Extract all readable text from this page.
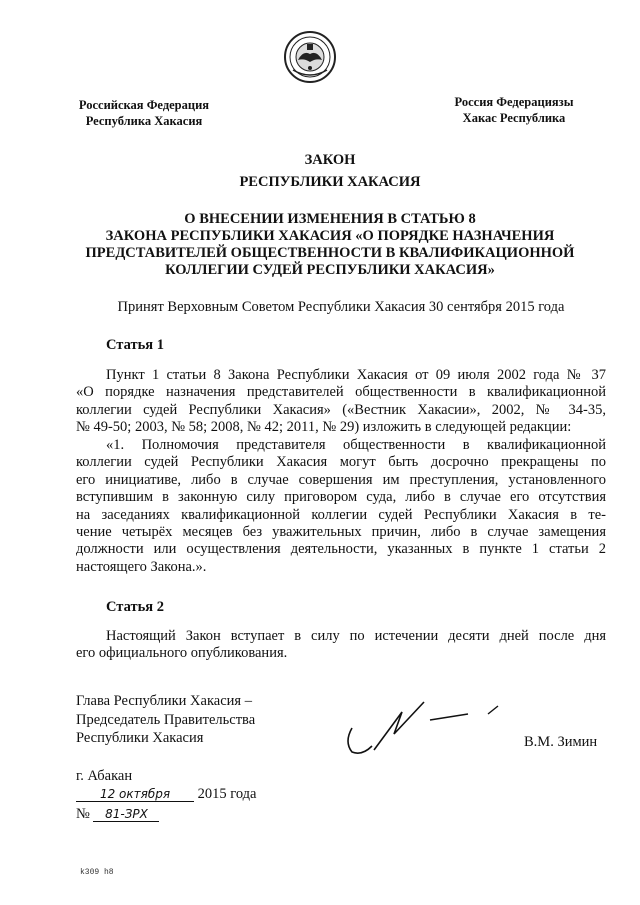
Российская Федерация
Республика Хакасия
Россия Федерациязы
Хакас Республика
ЗАКОН
РЕСПУБЛИКИ ХАКАСИЯ
О ВНЕСЕНИИ ИЗМЕНЕНИЯ В СТАТЬЮ 8
ЗАКОНА РЕСПУБЛИКИ ХАКАСИЯ «О ПОРЯДКЕ НАЗНАЧЕНИЯ
ПРЕДСТАВИТЕЛЕЙ ОБЩЕСТВЕННОСТИ В КВАЛИФИКАЦИОННОЙ
КОЛЛЕГИИ СУДЕЙ РЕСПУБЛИКИ ХАКАСИЯ»
Принят Верховным Советом Республики Хакасия 30 сентября 2015 года
Статья 1
Пункт 1 статьи 8 Закона Республики Хакасия от 09 июля 2002 года № 37
«О порядке назначения представителей общественности в квалификационной
коллегии судей Республики Хакасия» («Вестник Хакасии», 2002, № 34-35,
№ 49-50; 2003, № 58; 2008, № 42; 2011, № 29) изложить в следующей редакции:
«1. Полномочия представителя общественности в квалификационной
коллегии судей Республики Хакасия могут быть досрочно прекращены по
его инициативе, либо в случае совершения им преступления, установленного
вступившим в законную силу приговором суда, либо в случае его отсутствия
на заседаниях квалификационной коллегии судей Республики Хакасия в те-
чение четырёх месяцев без уважительных причин, либо в случае замещения
должности или осуществления деятельности, указанных в пункте 1 статьи 2
настоящего Закона.».
Статья 2
Настоящий Закон вступает в силу по истечении десяти дней после дня
его официального опубликования.
Глава Республики Хакасия –
Председатель Правительства
Республики Хакасия	В.М. Зимин
г. Абакан
12 октября 2015 года
№ 81-ЗРХ
k309 h8
